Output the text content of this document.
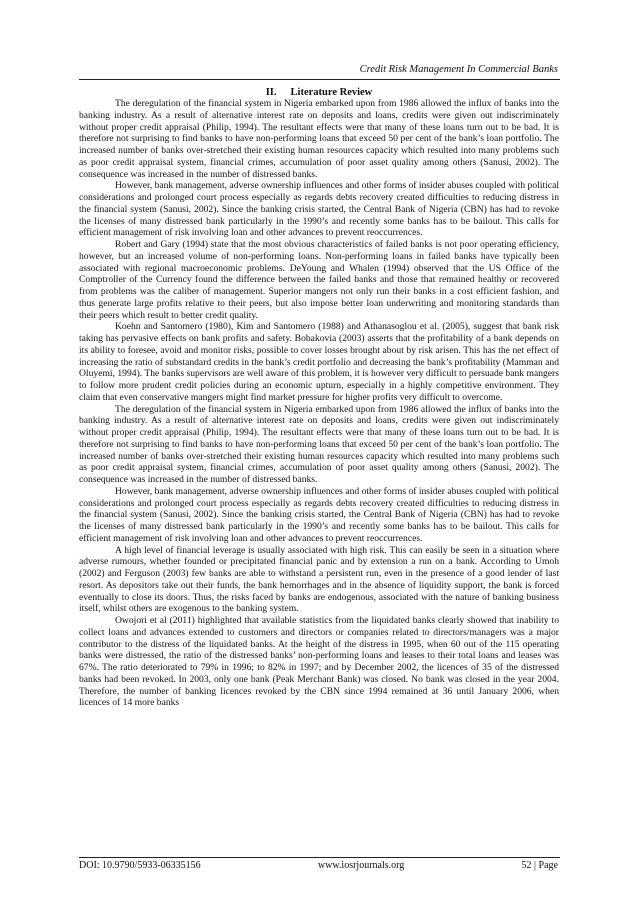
Credit Risk Management In Commercial Banks
II. Literature Review

The deregulation of the financial system in Nigeria embarked upon from 1986 allowed the influx of banks into the banking industry. As a result of alternative interest rate on deposits and loans, credits were given out indiscriminately without proper credit appraisal (Philip, 1994). The resultant effects were that many of these loans turn out to be bad. It is therefore not surprising to find banks to have non-performing loans that exceed 50 per cent of the bank’s loan portfolio. The increased number of banks over-stretched their existing human resources capacity which resulted into many problems such as poor credit appraisal system, financial crimes, accumulation of poor asset quality among others (Sanusi, 2002). The consequence was increased in the number of distressed banks.

However, bank management, adverse ownership influences and other forms of insider abuses coupled with political considerations and prolonged court process especially as regards debts recovery created difficulties to reducing distress in the financial system (Sanusi, 2002). Since the banking crisis started, the Central Bank of Nigeria (CBN) has had to revoke the licenses of many distressed bank particularly in the 1990’s and recently some banks has to be bailout. This calls for efficient management of risk involving loan and other advances to prevent reoccurrences.

Robert and Gary (1994) state that the most obvious characteristics of failed banks is not poor operating efficiency, however, but an increased volume of non-performing loans. Non-performing loans in failed banks have typically been associated with regional macroeconomic problems. DeYoung and Whalen (1994) observed that the US Office of the Comptroller of the Currency found the difference between the failed banks and those that remained healthy or recovered from problems was the caliber of management. Superior mangers not only run their banks in a cost efficient fashion, and thus generate large profits relative to their peers, but also impose better loan underwriting and monitoring standards than their peers which result to better credit quality.

Koehn and Santomero (1980), Kim and Santomero (1988) and Athanasoglou et al. (2005), suggest that bank risk taking has pervasive effects on bank profits and safety. Bobakovia (2003) asserts that the profitability of a bank depends on its ability to foresee, avoid and monitor risks, possible to cover losses brought about by risk arisen. This has the net effect of increasing the ratio of substandard credits in the bank’s credit portfolio and decreasing the bank’s profitability (Mamman and Oluyemi, 1994). The banks supervisors are well aware of this problem, it is however very difficult to persuade bank mangers to follow more prudent credit policies during an economic upturn, especially in a highly competitive environment. They claim that even conservative mangers might find market pressure for higher profits very difficult to overcome.

The deregulation of the financial system in Nigeria embarked upon from 1986 allowed the influx of banks into the banking industry. As a result of alternative interest rate on deposits and loans, credits were given out indiscriminately without proper credit appraisal (Philip, 1994). The resultant effects were that many of these loans turn out to be bad. It is therefore not surprising to find banks to have non-performing loans that exceed 50 per cent of the bank’s loan portfolio. The increased number of banks over-stretched their existing human resources capacity which resulted into many problems such as poor credit appraisal system, financial crimes, accumulation of poor asset quality among others (Sanusi, 2002). The consequence was increased in the number of distressed banks.

However, bank management, adverse ownership influences and other forms of insider abuses coupled with political considerations and prolonged court process especially as regards debts recovery created difficulties to reducing distress in the financial system (Sanusi, 2002). Since the banking crisis started, the Central Bank of Nigeria (CBN) has had to revoke the licenses of many distressed bank particularly in the 1990’s and recently some banks has to be bailout. This calls for efficient management of risk involving loan and other advances to prevent reoccurrences.

A high level of financial leverage is usually associated with high risk. This can easily be seen in a situation where adverse rumours, whether founded or precipitated financial panic and by extension a run on a bank. According to Umoh (2002) and Ferguson (2003) few banks are able to withstand a persistent run, even in the presence of a good lender of last resort. As depositors take out their funds, the bank hemorrhages and in the absence of liquidity support, the bank is forced eventually to close its doors. Thus, the risks faced by banks are endogenous, associated with the nature of banking business itself, whilst others are exogenous to the banking system.

Owojori et al (2011) highlighted that available statistics from the liquidated banks clearly showed that inability to collect loans and advances extended to customers and directors or companies related to directors/managers was a major contributor to the distress of the liquidated banks. At the height of the distress in 1995, when 60 out of the 115 operating banks were distressed, the ratio of the distressed banks’ non-performing loans and leases to their total loans and leases was 67%. The ratio deteriorated to 79% in 1996; to 82% in 1997; and by December 2002, the licences of 35 of the distressed banks had been revoked. In 2003, only one bank (Peak Merchant Bank) was closed. No bank was closed in the year 2004. Therefore, the number of banking licences revoked by the CBN since 1994 remained at 36 until January 2006, when licences of 14 more banks

DOI: 10.9790/5933-06335156	www.iosrjournals.org	52 | Page
